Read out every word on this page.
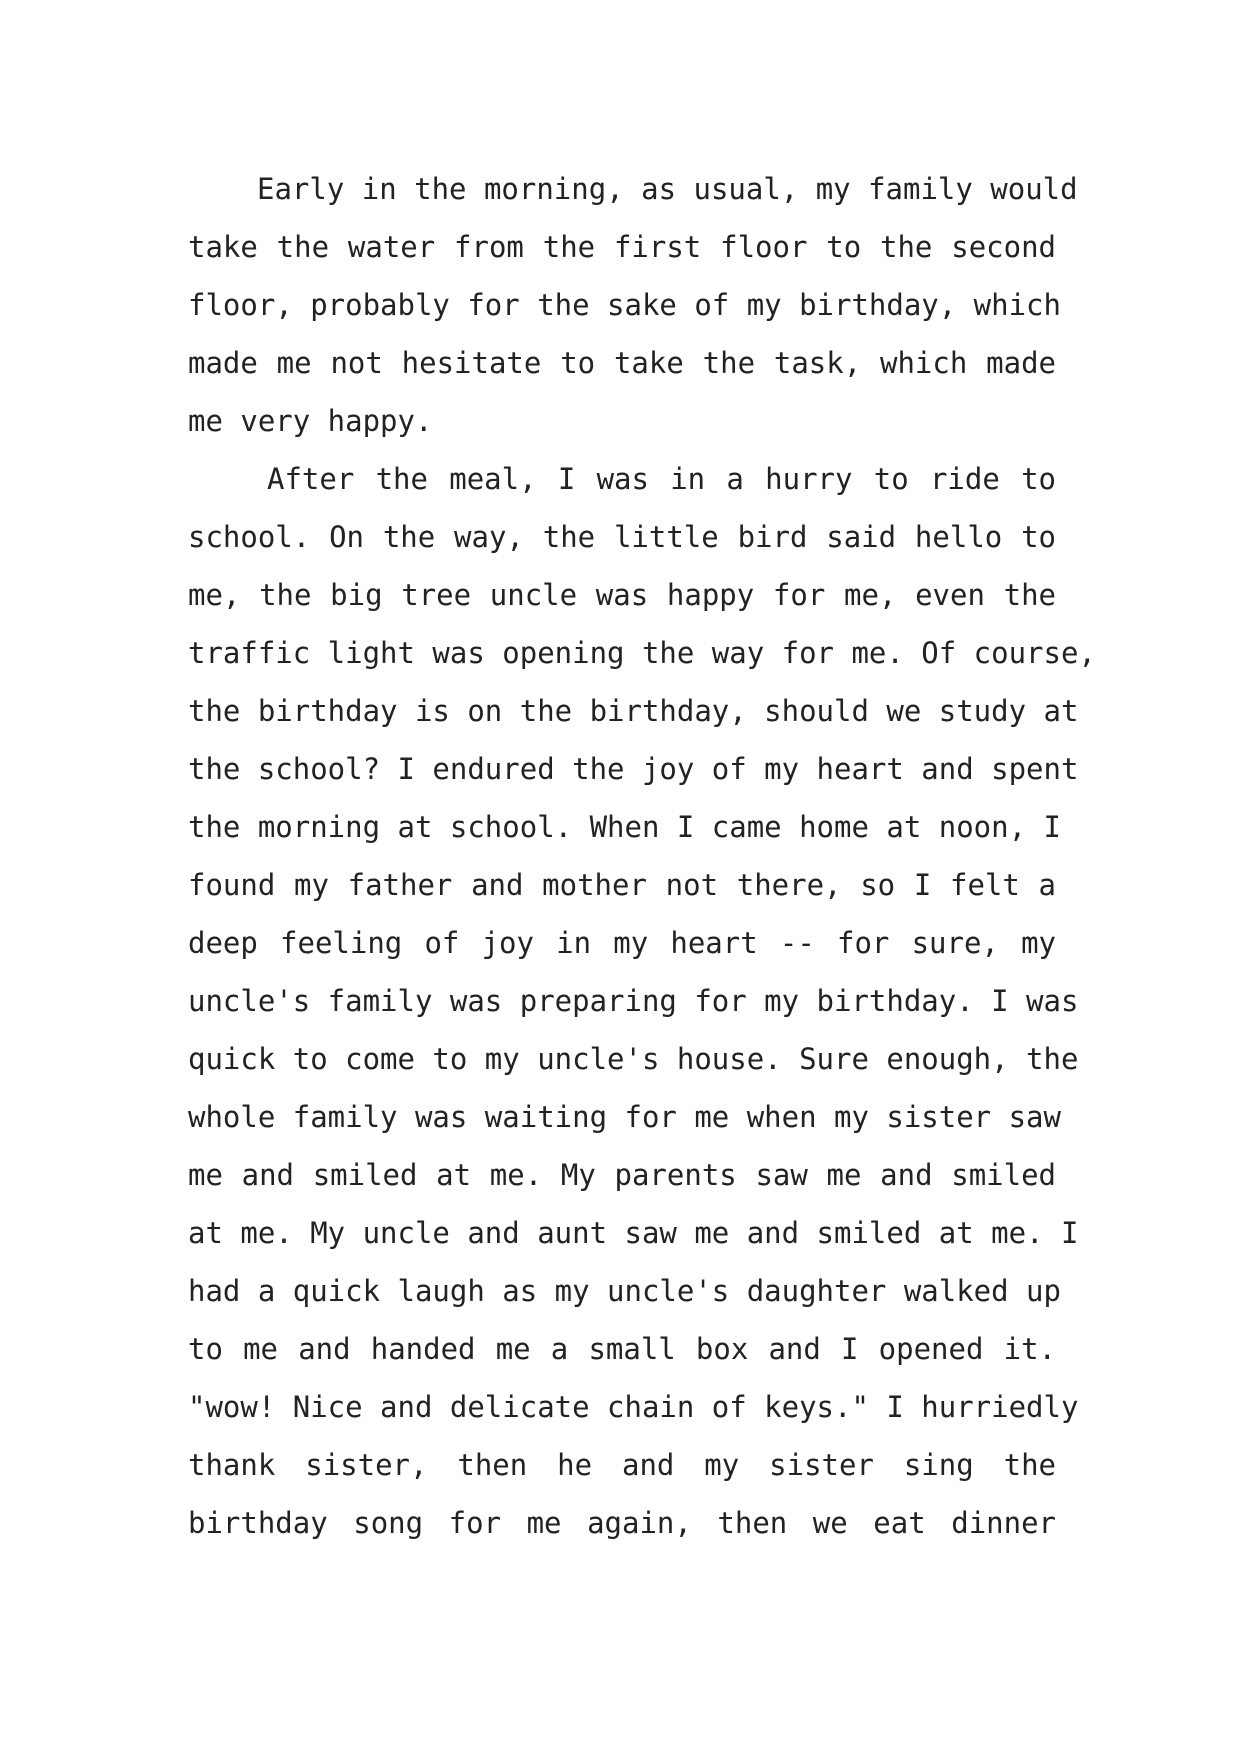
Early in the morning, as usual, my family would
take the water from the first floor to the second
floor, probably for the sake of my birthday, which
made me not hesitate to take the task, which made
me very happy.
After the meal, I was in a hurry to ride to
school. On the way, the little bird said hello to
me, the big tree uncle was happy for me, even the
traffic light was opening the way for me. Of course,
the birthday is on the birthday, should we study at
the school? I endured the joy of my heart and spent
the morning at school. When I came home at noon, I
found my father and mother not there, so I felt a
deep feeling of joy in my heart -- for sure, my
uncle's family was preparing for my birthday. I was
quick to come to my uncle's house. Sure enough, the
whole family was waiting for me when my sister saw
me and smiled at me. My parents saw me and smiled
at me. My uncle and aunt saw me and smiled at me. I
had a quick laugh as my uncle's daughter walked up
to me and handed me a small box and I opened it.
"wow! Nice and delicate chain of keys." I hurriedly
thank sister, then he and my sister sing the
birthday song for me again, then we eat dinner
